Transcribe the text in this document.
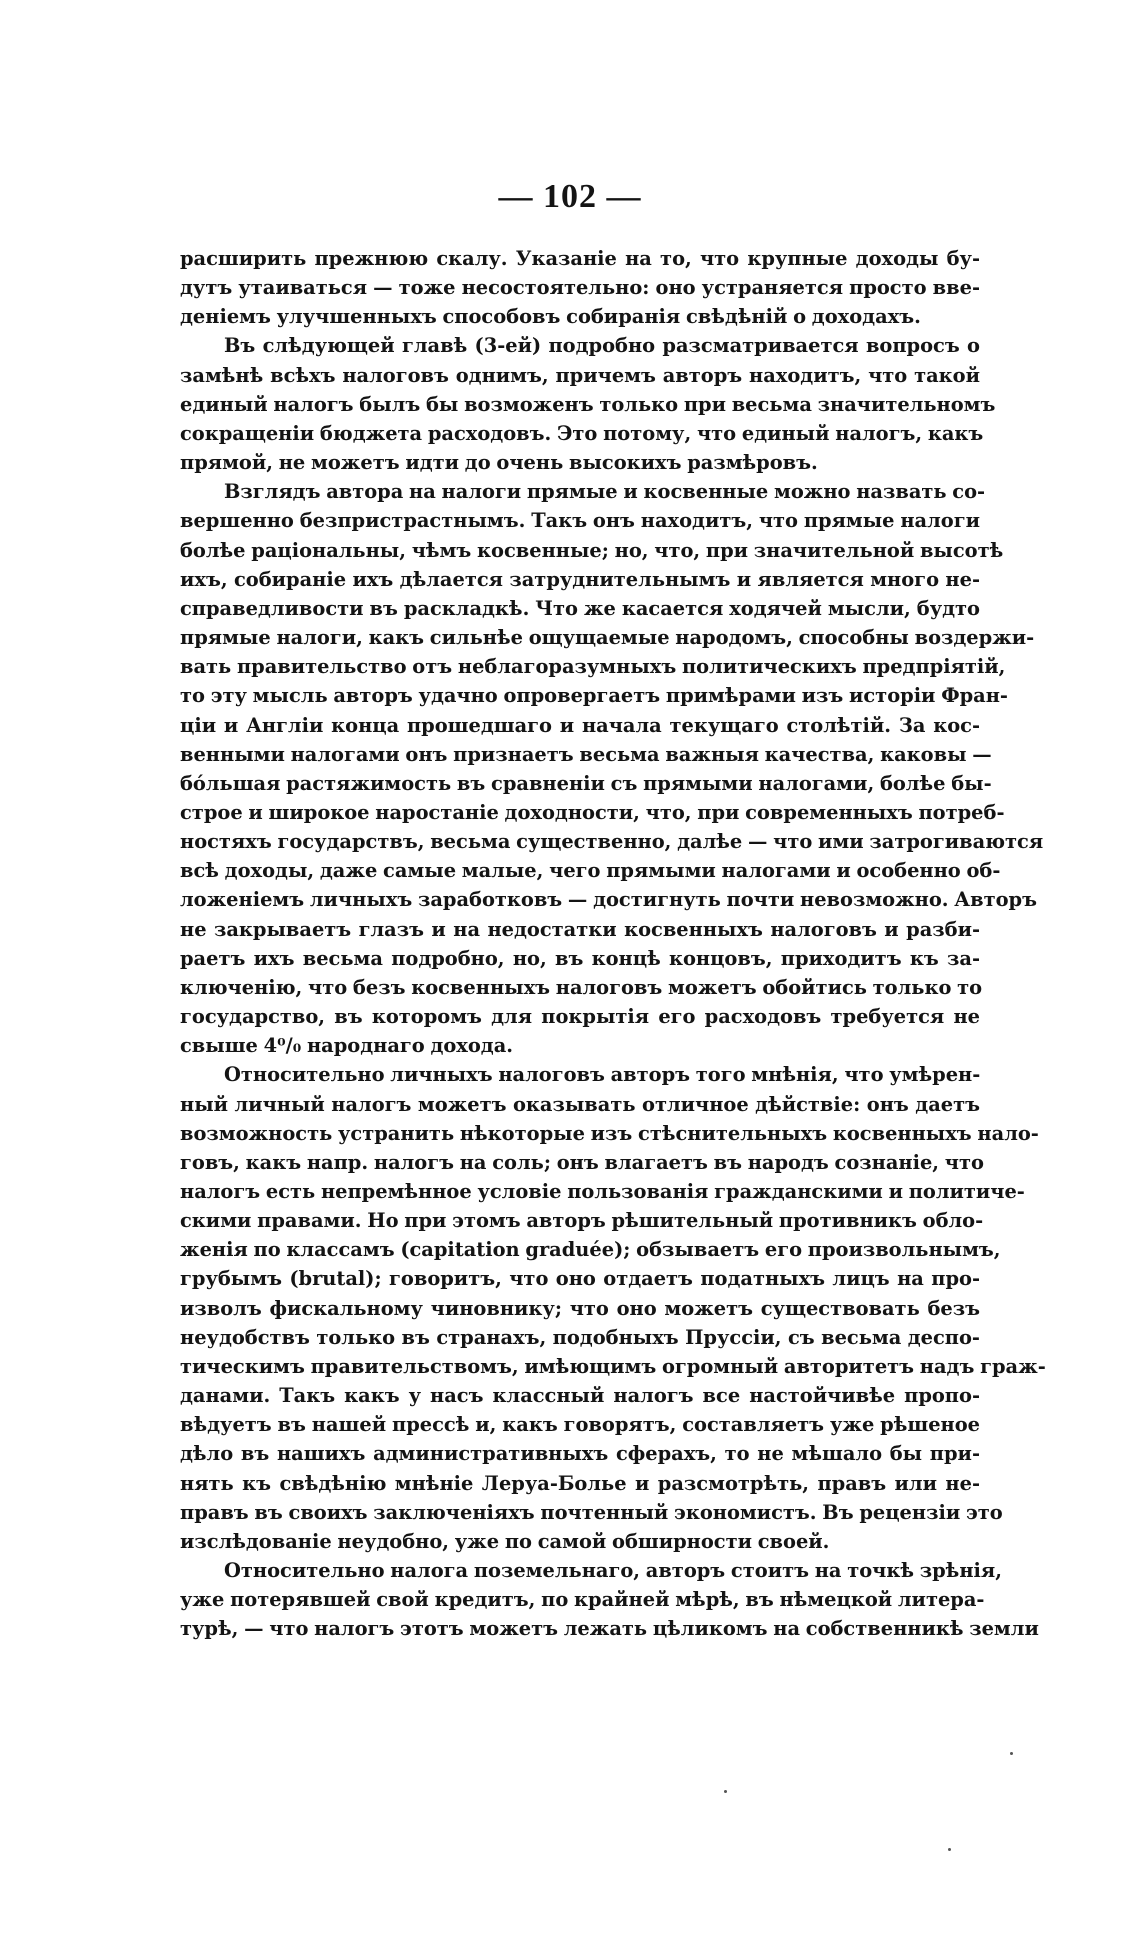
— 102 —

расширить прежнюю скалу. Указаніе на то, что крупные доходы бу-
дутъ утаиваться — тоже несостоятельно: оно устраняется просто вве-
деніемъ улучшенныхъ способовъ собиранія свѣдѣній о доходахъ.

Въ слѣдующей главѣ (3-ей) подробно разсматривается вопросъ о
замѣнѣ всѣхъ налоговъ однимъ, причемъ авторъ находитъ, что такой
единый налогъ былъ бы возможенъ только при весьма значительномъ
сокращеніи бюджета расходовъ. Это потому, что единый налогъ, какъ
прямой, не можетъ идти до очень высокихъ размѣровъ.

Взглядъ автора на налоги прямые и косвенные можно назвать со-
вершенно безпристрастнымъ. Такъ онъ находитъ, что прямые налоги
болѣе раціональны, чѣмъ косвенные; но, что, при значительной высотѣ
ихъ, собираніе ихъ дѣлается затруднительнымъ и является много не-
справедливости въ раскладкѣ. Что же касается ходячей мысли, будто
прямые налоги, какъ сильнѣе ощущаемые народомъ, способны воздержи-
вать правительство отъ неблагоразумныхъ политическихъ предпріятій,
то эту мысль авторъ удачно опровергаетъ примѣрами изъ исторіи Фран-
ціи и Англіи конца прошедшаго и начала текущаго столѣтій. За кос-
венными налогами онъ признаетъ весьма важныя качества, каковы —
бо́льшая растяжимость въ сравненіи съ прямыми налогами, болѣе бы-
строе и широкое наростаніе доходности, что, при современныхъ потреб-
ностяхъ государствъ, весьма существенно, далѣе — что ими затрогиваются
всѣ доходы, даже самые малые, чего прямыми налогами и особенно об-
ложеніемъ личныхъ заработковъ — достигнуть почти невозможно. Авторъ
не закрываетъ глазъ и на недостатки косвенныхъ налоговъ и разби-
раетъ ихъ весьма подробно, но, въ концѣ концовъ, приходитъ къ за-
ключенію, что безъ косвенныхъ налоговъ можетъ обойтись только то
государство, въ которомъ для покрытія его расходовъ требуется не
свыше 4⁰/₀ народнаго дохода.

Относительно личныхъ налоговъ авторъ того мнѣнія, что умѣрен-
ный личный налогъ можетъ оказывать отличное дѣйствіе: онъ даетъ
возможность устранить нѣкоторые изъ стѣснительныхъ косвенныхъ нало-
говъ, какъ напр. налогъ на соль; онъ влагаетъ въ народъ сознаніе, что
налогъ есть непремѣнное условіе пользованія гражданскими и политиче-
скими правами. Но при этомъ авторъ рѣшительный противникъ обло-
женія по классамъ (capitation graduée); обзываетъ его произвольнымъ,
грубымъ (brutal); говоритъ, что оно отдаетъ податныхъ лицъ на про-
изволъ фискальному чиновнику; что оно можетъ существовать безъ
неудобствъ только въ странахъ, подобныхъ Пруссіи, съ весьма деспо-
тическимъ правительствомъ, имѣющимъ огромный авторитетъ надъ граж-
данами. Такъ какъ у насъ классный налогъ все настойчивѣе пропо-
вѣдуетъ въ нашей прессѣ и, какъ говорятъ, составляетъ уже рѣшеное
дѣло въ нашихъ административныхъ сферахъ, то не мѣшало бы при-
нять къ свѣдѣнію мнѣніе Леруа-Болье и разсмотрѣть, правъ или не-
правъ въ своихъ заключеніяхъ почтенный экономистъ. Въ рецензіи это
изслѣдованіе неудобно, уже по самой обширности своей.

Относительно налога поземельнаго, авторъ стоитъ на точкѣ зрѣнія,
уже потерявшей свой кредитъ, по крайней мѣрѣ, въ нѣмецкой литера-
турѣ, — что налогъ этотъ можетъ лежать цѣликомъ на собственникѣ земли
